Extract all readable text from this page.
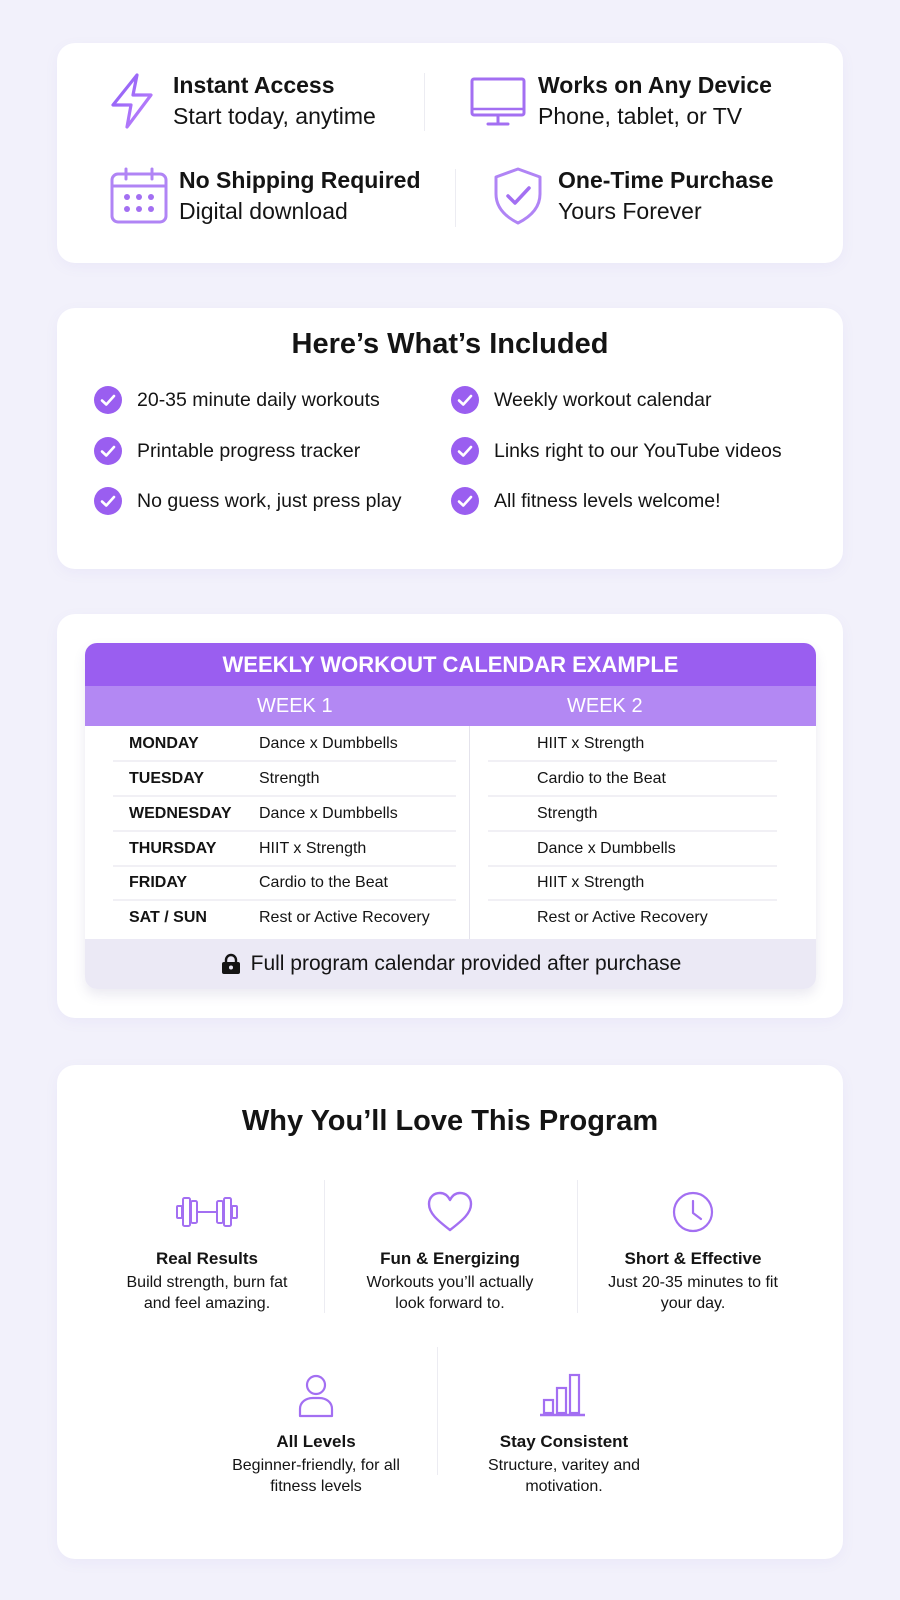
Instant Access
Start today, anytime
Works on Any Device
Phone, tablet, or TV
No Shipping Required
Digital download
One-Time Purchase
Yours Forever
Here’s What’s Included
20-35 minute daily workouts	Weekly workout calendar
Printable progress tracker	Links right to our YouTube videos
No guess work, just press play	All fitness levels welcome!
WEEKLY WORKOUT CALENDAR EXAMPLE
WEEK 1	WEEK 2
MONDAY	Dance x Dumbbells	HIIT x Strength
TUESDAY	Strength	Cardio to the Beat
WEDNESDAY Dance x Dumbbells	Strength
THURSDAY	HIIT x Strength	Dance x Dumbbells
FRIDAY	Cardio to the Beat	HIIT x Strength
SAT / SUN	Rest or Active Recovery	Rest or Active Recovery
Full program calendar provided after purchase
Why You’ll Love This Program
Real Results
Build strength, burn fat and feel amazing.
Fun & Energizing
Workouts you’ll actually look forward to.
Short & Effective
Just 20-35 minutes to fit your day.
All Levels
Beginner-friendly, for all fitness levels
Stay Consistent
Structure, varitey and motivation.
